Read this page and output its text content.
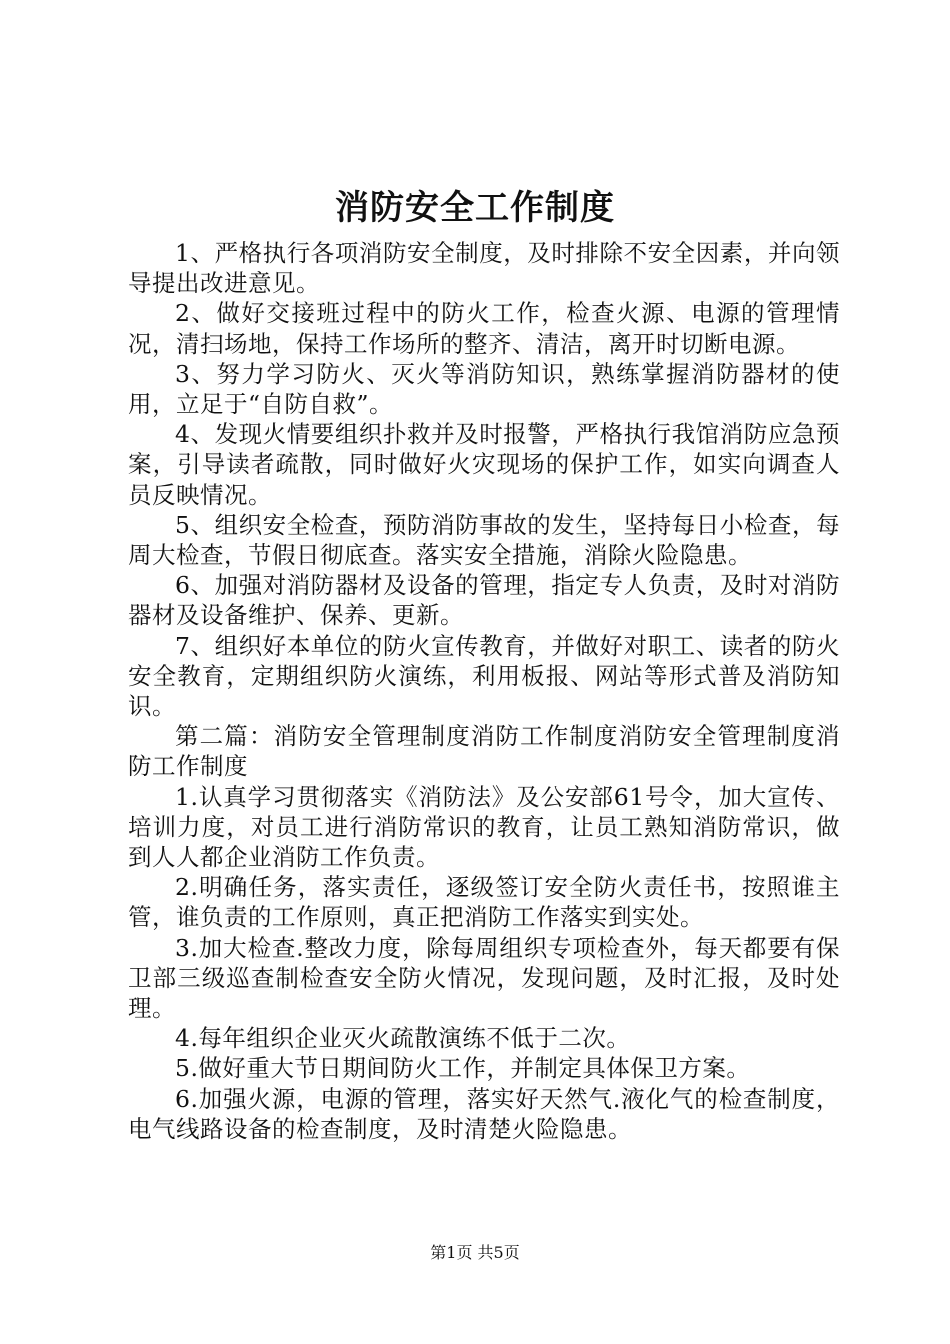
消防安全工作制度

1、严格执行各项消防安全制度，及时排除不安全因素，并向领导提出改进意见。

2、做好交接班过程中的防火工作，检查火源、电源的管理情况，清扫场地，保持工作场所的整齐、清洁，离开时切断电源。

3、努力学习防火、灭火等消防知识，熟练掌握消防器材的使用，立足于“自防自救”。

4、发现火情要组织扑救并及时报警，严格执行我馆消防应急预案，引导读者疏散，同时做好火灾现场的保护工作，如实向调查人员反映情况。

5、组织安全检查，预防消防事故的发生，坚持每日小检查，每周大检查，节假日彻底查。落实安全措施，消除火险隐患。

6、加强对消防器材及设备的管理，指定专人负责，及时对消防器材及设备维护、保养、更新。

7、组织好本单位的防火宣传教育，并做好对职工、读者的防火安全教育，定期组织防火演练，利用板报、网站等形式普及消防知识。

第二篇：消防安全管理制度消防工作制度消防安全管理制度消防工作制度

1.认真学习贯彻落实《消防法》及公安部61号令，加大宣传、培训力度，对员工进行消防常识的教育，让员工熟知消防常识，做到人人都企业消防工作负责。

2.明确任务，落实责任，逐级签订安全防火责任书，按照谁主管，谁负责的工作原则，真正把消防工作落实到实处。

3.加大检查.整改力度，除每周组织专项检查外，每天都要有保卫部三级巡查制检查安全防火情况，发现问题，及时汇报，及时处理。

4.每年组织企业灭火疏散演练不低于二次。

5.做好重大节日期间防火工作，并制定具体保卫方案。

6.加强火源，电源的管理，落实好天然气.液化气的检查制度，电气线路设备的检查制度，及时清楚火险隐患。

第1页 共5页
